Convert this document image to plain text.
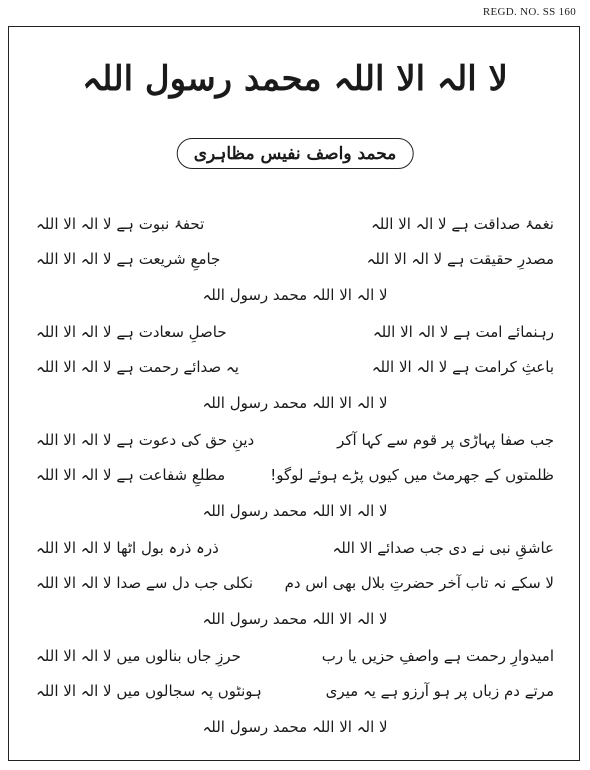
REGD. NO. SS 160
لا الہ الا اللہ محمد رسول اللہ
محمد واصف نفیس مظاہری
نغمۂ صداقت ہے لا الہ الا اللہ
تحفۂ نبوت ہے لا الہ الا اللہ
مصدرِ حقیقت ہے لا الہ الا اللہ
جامعِ شریعت ہے لا الہ الا اللہ
لا الہ الا اللہ محمد رسول اللہ
رہنمائے امت ہے لا الہ الا اللہ
حاصلِ سعادت ہے لا الہ الا اللہ
باعثِ کرامت ہے لا الہ الا اللہ
یہ صدائے رحمت ہے لا الہ الا اللہ
لا الہ الا اللہ محمد رسول اللہ
جب صفا پہاڑی پر قوم سے کہا آکر
دینِ حق کی دعوت ہے لا الہ الا اللہ
ظلمتوں کے جھرمٹ میں کیوں پڑے ہوئے لوگو!
مطلعِ شفاعت ہے لا الہ الا اللہ
لا الہ الا اللہ محمد رسول اللہ
عاشقِ نبی نے دی جب صدائے الا اللہ
ذرہ ذرہ بول اٹھا لا الہ الا اللہ
لا سکے نہ تاب آخر حضرتِ بلال بھی اس دم
نکلی جب دل سے صدا لا الہ الا اللہ
لا الہ الا اللہ محمد رسول اللہ
امیدوارِ رحمت ہے واصفِ حزیں یا رب
حرزِ جاں بنالوں میں لا الہ الا اللہ
مرتے دم زباں پر ہو آرزو ہے یہ میری
ہونٹوں پہ سجالوں میں لا الہ الا اللہ
لا الہ الا اللہ محمد رسول اللہ
